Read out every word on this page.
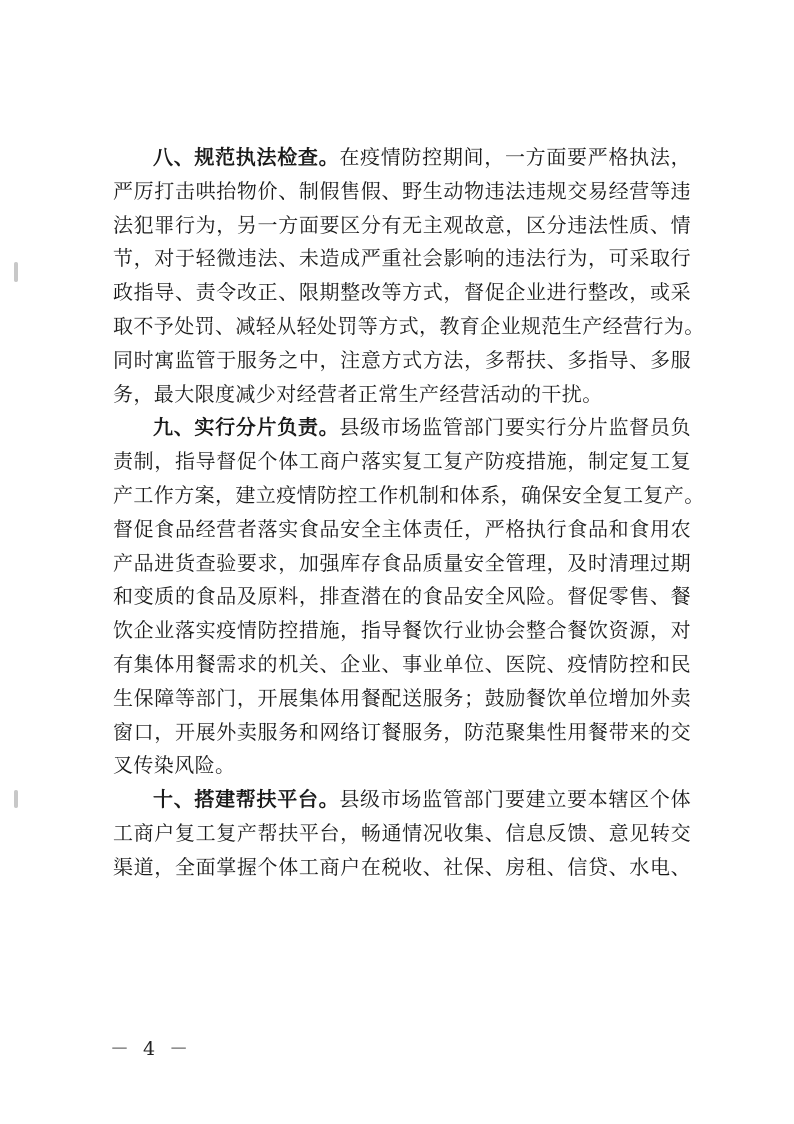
八、规范执法检查。在疫情防控期间，一方面要严格执法，
严厉打击哄抬物价、制假售假、野生动物违法违规交易经营等违
法犯罪行为，另一方面要区分有无主观故意，区分违法性质、情
节，对于轻微违法、未造成严重社会影响的违法行为，可采取行
政指导、责令改正、限期整改等方式，督促企业进行整改，或采
取不予处罚、减轻从轻处罚等方式，教育企业规范生产经营行为。
同时寓监管于服务之中，注意方式方法，多帮扶、多指导、多服
务，最大限度减少对经营者正常生产经营活动的干扰。
九、实行分片负责。县级市场监管部门要实行分片监督员负
责制，指导督促个体工商户落实复工复产防疫措施，制定复工复
产工作方案，建立疫情防控工作机制和体系，确保安全复工复产。
督促食品经营者落实食品安全主体责任，严格执行食品和食用农
产品进货查验要求，加强库存食品质量安全管理，及时清理过期
和变质的食品及原料，排查潜在的食品安全风险。督促零售、餐
饮企业落实疫情防控措施，指导餐饮行业协会整合餐饮资源，对
有集体用餐需求的机关、企业、事业单位、医院、疫情防控和民
生保障等部门，开展集体用餐配送服务；鼓励餐饮单位增加外卖
窗口，开展外卖服务和网络订餐服务，防范聚集性用餐带来的交
叉传染风险。
十、搭建帮扶平台。县级市场监管部门要建立要本辖区个体
工商户复工复产帮扶平台，畅通情况收集、信息反馈、意见转交
渠道，全面掌握个体工商户在税收、社保、房租、信贷、水电、
－ 4 －
